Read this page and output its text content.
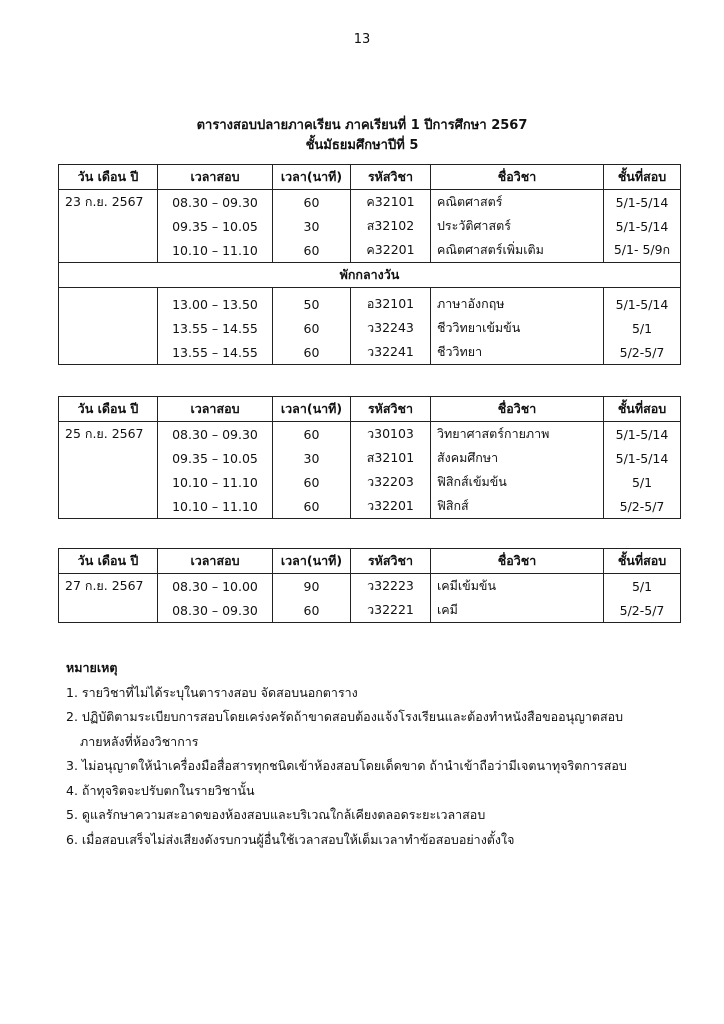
13
ตารางสอบปลายภาคเรียน ภาคเรียนที่ 1 ปีการศึกษา 2567
ชั้นมัธยมศึกษาปีที่ 5
วัน เดือน ปี	เวลาสอบ	เวลา(นาที)	รหัสวิชา	ชื่อวิชา	ชั้นที่สอบ
23 ก.ย. 2567	08.30 – 09.30	60	ค32101	คณิตศาสตร์	5/1-5/14
	09.35 – 10.05	30	ส32102	ประวัติศาสตร์	5/1-5/14
	10.10 – 11.10	60	ค32201	คณิตศาสตร์เพิ่มเติม	5/1- 5/9ก
พักกลางวัน					
	13.00 – 13.50	50	อ32101	ภาษาอังกฤษ	5/1-5/14
	13.55 – 14.55	60	ว32243	ชีววิทยาเข้มข้น	5/1
	13.55 – 14.55	60	ว32241	ชีววิทยา	5/2-5/7
วัน เดือน ปี	เวลาสอบ	เวลา(นาที)	รหัสวิชา	ชื่อวิชา	ชั้นที่สอบ
25 ก.ย. 2567	08.30 – 09.30	60	ว30103	วิทยาศาสตร์กายภาพ	5/1-5/14
	09.35 – 10.05	30	ส32101	สังคมศึกษา	5/1-5/14
	10.10 – 11.10	60	ว32203	ฟิสิกส์เข้มข้น	5/1
	10.10 – 11.10	60	ว32201	ฟิสิกส์	5/2-5/7
วัน เดือน ปี	เวลาสอบ	เวลา(นาที)	รหัสวิชา	ชื่อวิชา	ชั้นที่สอบ
27 ก.ย. 2567	08.30 – 10.00	90	ว32223	เคมีเข้มข้น	5/1
	08.30 – 09.30	60	ว32221	เคมี	5/2-5/7
หมายเหตุ
1. รายวิชาที่ไม่ได้ระบุในตารางสอบ จัดสอบนอกตาราง
2. ปฏิบัติตามระเบียบการสอบโดยเคร่งครัดถ้าขาดสอบต้องแจ้งโรงเรียนและต้องทำหนังสือขออนุญาตสอบ
ภายหลังที่ห้องวิชาการ
3. ไม่อนุญาตให้นำเครื่องมือสื่อสารทุกชนิดเข้าห้องสอบโดยเด็ดขาด ถ้านำเข้าถือว่ามีเจตนาทุจริตการสอบ
4. ถ้าทุจริตจะปรับตกในรายวิชานั้น
5. ดูแลรักษาความสะอาดของห้องสอบและบริเวณใกล้เคียงตลอดระยะเวลาสอบ
6. เมื่อสอบเสร็จไม่ส่งเสียงดังรบกวนผู้อื่นใช้เวลาสอบให้เต็มเวลาทำข้อสอบอย่างตั้งใจ
